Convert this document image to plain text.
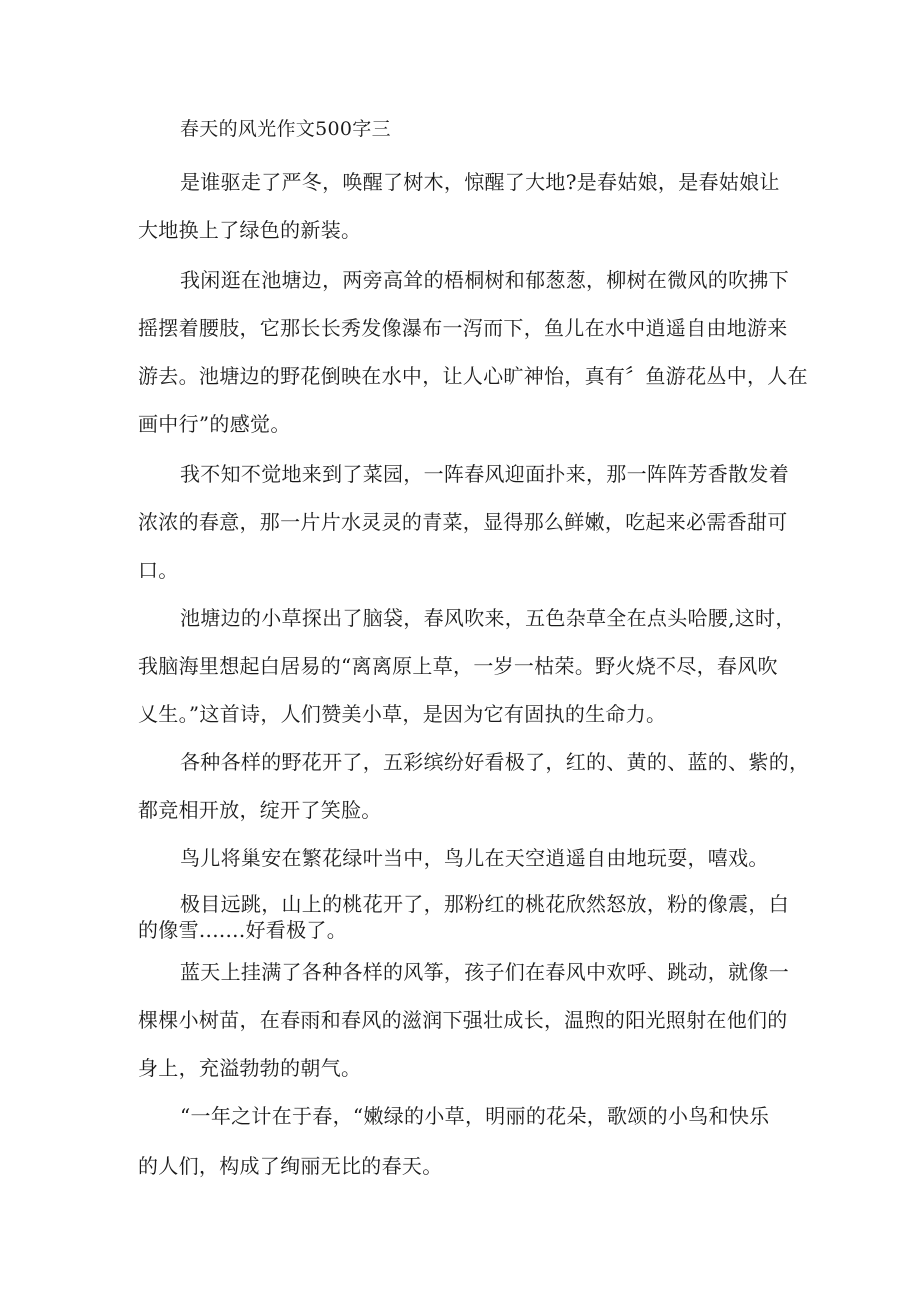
春天的风光作文500字三
是谁驱走了严冬，唤醒了树木，惊醒了大地?是春姑娘，是春姑娘让
大地换上了绿色的新装。
我闲逛在池塘边，两旁高耸的梧桐树和郁葱葱，柳树在微风的吹拂下
摇摆着腰肢，它那长长秀发像瀑布一泻而下，鱼儿在水中逍遥自由地游来
游去。池塘边的野花倒映在水中，让人心旷神怡，真有〞鱼游花丛中，人在
画中行”的感觉。
我不知不觉地来到了菜园，一阵春风迎面扑来，那一阵阵芳香散发着
浓浓的春意，那一片片水灵灵的青菜，显得那么鲜嫩，吃起来必需香甜可
口。
池塘边的小草探出了脑袋，春风吹来，五色杂草全在点头哈腰,这时，
我脑海里想起白居易的“离离原上草，一岁一枯荣。野火烧不尽，春风吹
乂生。”这首诗，人们赞美小草，是因为它有固执的生命力。
各种各样的野花开了，五彩缤纷好看极了，红的、黄的、蓝的、紫的，
都竞相开放，绽开了笑脸。
鸟儿将巢安在繁花绿叶当中，鸟儿在天空逍遥自由地玩耍，嘻戏。
极目远跳，山上的桃花开了，那粉红的桃花欣然怒放，粉的像震，白
的像雪.......好看极了。
蓝天上挂满了各种各样的风筝，孩子们在春风中欢呼、跳动，就像一
棵棵小树苗，在春雨和春风的滋润下强壮成长，温煦的阳光照射在他们的
身上，充溢勃勃的朝气。
“一年之计在于春，“嫩绿的小草，明丽的花朵，歌颂的小鸟和快乐
的人们，构成了绚丽无比的春天。
